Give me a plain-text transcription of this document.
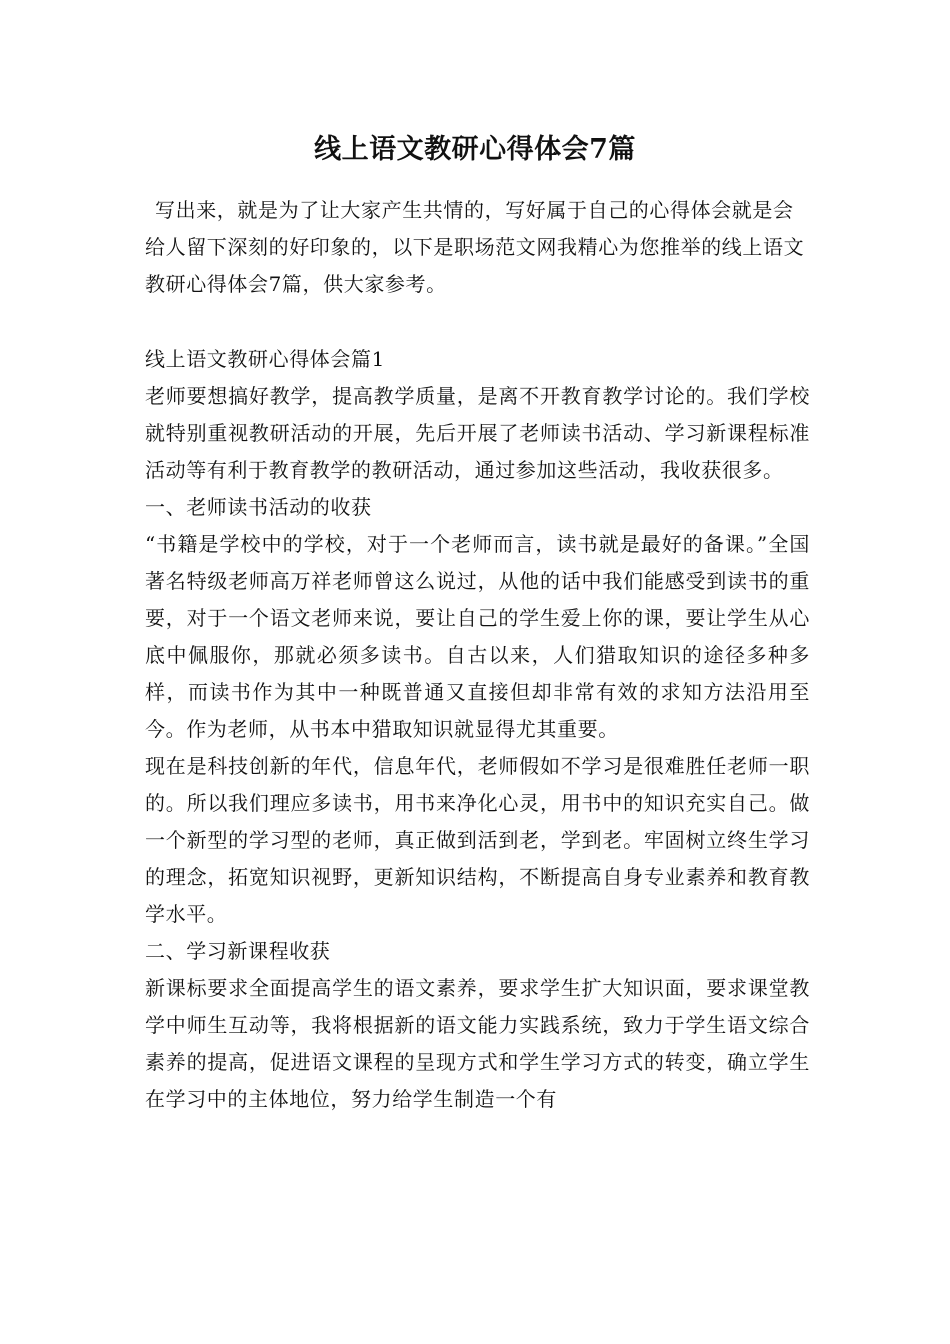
线上语文教研心得体会7篇
写出来，就是为了让大家产生共情的，写好属于自己的心得体会就是会给人留下深刻的好印象的，以下是职场范文网我精心为您推举的线上语文教研心得体会7篇，供大家参考。

线上语文教研心得体会篇1

老师要想搞好教学，提高教学质量，是离不开教育教学讨论的。我们学校就特别重视教研活动的开展，先后开展了老师读书活动、学习新课程标准活动等有利于教育教学的教研活动，通过参加这些活动，我收获很多。

一、老师读书活动的收获

“书籍是学校中的学校，对于一个老师而言，读书就是最好的备课。”全国著名特级老师高万祥老师曾这么说过，从他的话中我们能感受到读书的重要，对于一个语文老师来说，要让自己的学生爱上你的课，要让学生从心底中佩服你，那就必须多读书。自古以来，人们猎取知识的途径多种多样，而读书作为其中一种既普通又直接但却非常有效的求知方法沿用至今。作为老师，从书本中猎取知识就显得尤其重要。

现在是科技创新的年代，信息年代，老师假如不学习是很难胜任老师一职的。所以我们理应多读书，用书来净化心灵，用书中的知识充实自己。做一个新型的学习型的老师，真正做到活到老，学到老。牢固树立终生学习的理念，拓宽知识视野，更新知识结构，不断提高自身专业素养和教育教学水平。

二、学习新课程收获

新课标要求全面提高学生的语文素养，要求学生扩大知识面，要求课堂教学中师生互动等，我将根据新的语文能力实践系统，致力于学生语文综合素养的提高，促进语文课程的呈现方式和学生学习方式的转变，确立学生在学习中的主体地位，努力给学生制造一个有
